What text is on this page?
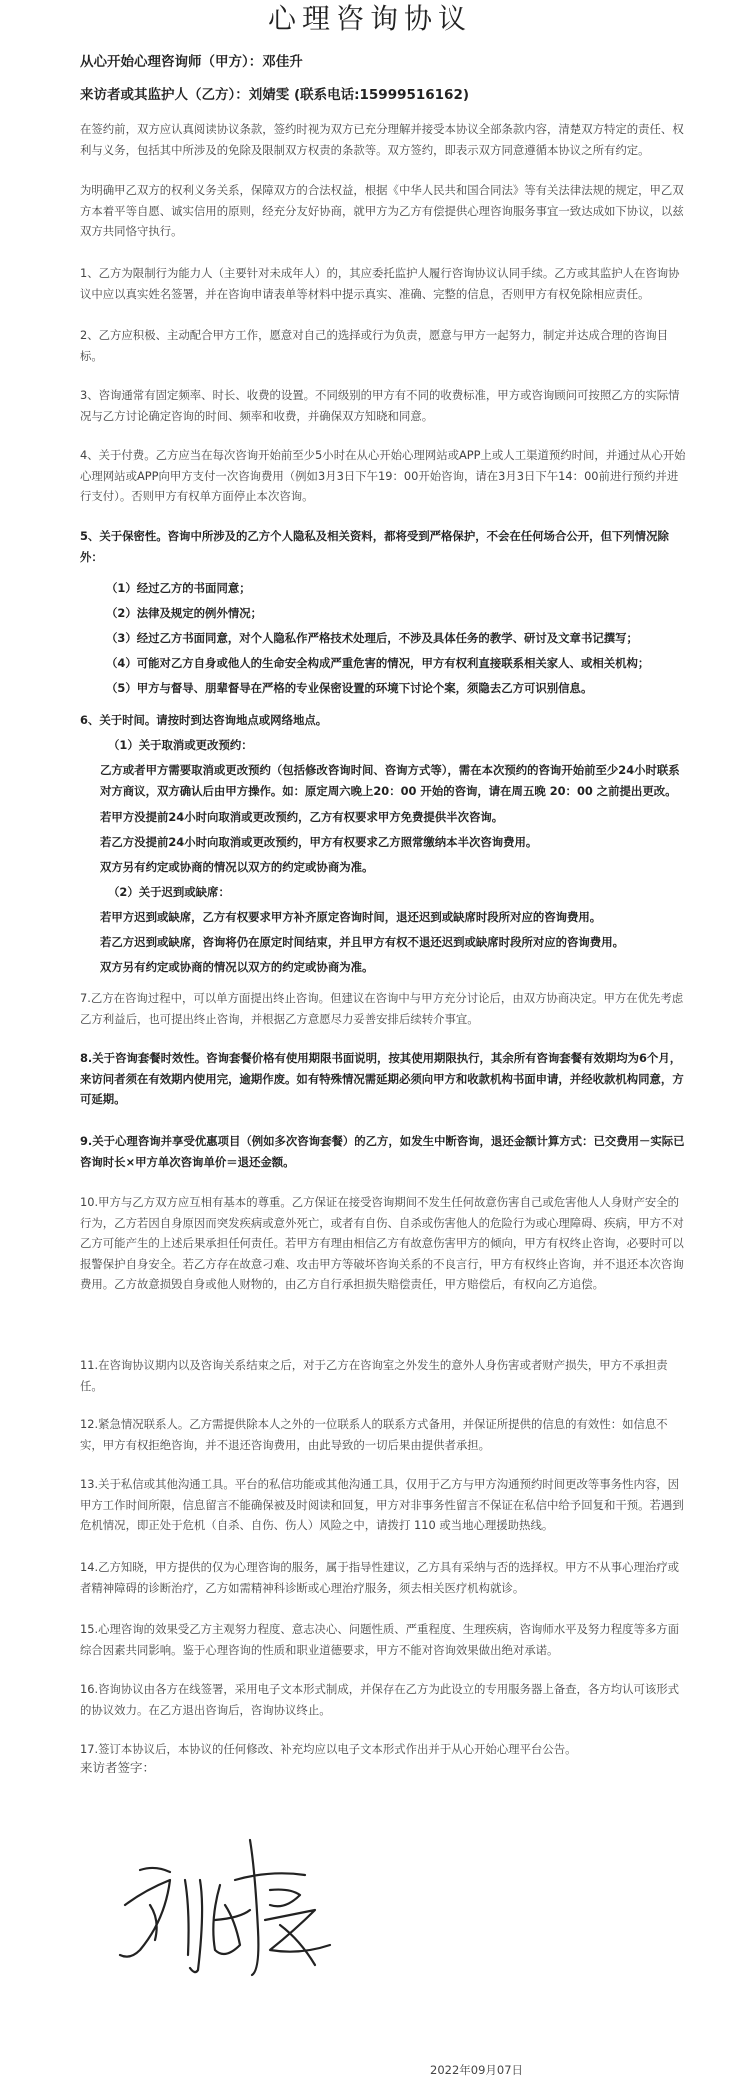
心理咨询协议
从心开始心理咨询师（甲方）：邓佳升
来访者或其监护人（乙方）：刘婧雯 (联系电话:15999516162)

在签约前，双方应认真阅读协议条款，签约时视为双方已充分理解并接受本协议全部条款内容，清楚双方特定的责任、权利与义务，包括其中所涉及的免除及限制双方权责的条款等。双方签约，即表示双方同意遵循本协议之所有约定。

为明确甲乙双方的权利义务关系，保障双方的合法权益，根据《中华人民共和国合同法》等有关法律法规的规定，甲乙双方本着平等自愿、诚实信用的原则，经充分友好协商，就甲方为乙方有偿提供心理咨询服务事宜一致达成如下协议，以兹双方共同恪守执行。

1、乙方为限制行为能力人（主要针对未成年人）的，其应委托监护人履行咨询协议认同手续。乙方或其监护人在咨询协议中应以真实姓名签署，并在咨询申请表单等材料中提示真实、准确、完整的信息，否则甲方有权免除相应责任。

2、乙方应积极、主动配合甲方工作，愿意对自己的选择或行为负责，愿意与甲方一起努力，制定并达成合理的咨询目标。

3、咨询通常有固定频率、时长、收费的设置。不同级别的甲方有不同的收费标准，甲方或咨询顾问可按照乙方的实际情况与乙方讨论确定咨询的时间、频率和收费，并确保双方知晓和同意。

4、关于付费。乙方应当在每次咨询开始前至少5小时在从心开始心理网站或APP上或人工渠道预约时间，并通过从心开始心理网站或APP向甲方支付一次咨询费用（例如3月3日下午19：00开始咨询，请在3月3日下午14：00前进行预约并进行支付）。否则甲方有权单方面停止本次咨询。

5、关于保密性。咨询中所涉及的乙方个人隐私及相关资料，都将受到严格保护，不会在任何场合公开，但下列情况除外：

（1）经过乙方的书面同意；
（2）法律及规定的例外情况；
（3）经过乙方书面同意，对个人隐私作严格技术处理后，不涉及具体任务的教学、研讨及文章书记撰写；
（4）可能对乙方自身或他人的生命安全构成严重危害的情况，甲方有权利直接联系相关家人、或相关机构；
（5）甲方与督导、朋辈督导在严格的专业保密设置的环境下讨论个案，须隐去乙方可识别信息。

6、关于时间。请按时到达咨询地点或网络地点。

（1）关于取消或更改预约：

乙方或者甲方需要取消或更改预约（包括修改咨询时间、咨询方式等），需在本次预约的咨询开始前至少24小时联系对方商议，双方确认后由甲方操作。如：原定周六晚上20：00 开始的咨询，请在周五晚 20：00 之前提出更改。

若甲方没提前24小时向取消或更改预约，乙方有权要求甲方免费提供半次咨询。
若乙方没提前24小时向取消或更改预约，甲方有权要求乙方照常缴纳本半次咨询费用。
双方另有约定或协商的情况以双方的约定或协商为准。
（2）关于迟到或缺席：
若甲方迟到或缺席，乙方有权要求甲方补齐原定咨询时间，退还迟到或缺席时段所对应的咨询费用。
若乙方迟到或缺席，咨询将仍在原定时间结束，并且甲方有权不退还迟到或缺席时段所对应的咨询费用。
双方另有约定或协商的情况以双方的约定或协商为准。

7.乙方在咨询过程中，可以单方面提出终止咨询。但建议在咨询中与甲方充分讨论后，由双方协商决定。甲方在优先考虑乙方利益后，也可提出终止咨询，并根据乙方意愿尽力妥善安排后续转介事宜。

8.关于咨询套餐时效性。咨询套餐价格有使用期限书面说明，按其使用期限执行，其余所有咨询套餐有效期均为6个月，来访问者须在有效期内使用完，逾期作废。如有特殊情况需延期必须向甲方和收款机构书面申请，并经收款机构同意，方可延期。

9.关于心理咨询并享受优惠项目（例如多次咨询套餐）的乙方，如发生中断咨询，退还金额计算方式：已交费用－实际已咨询时长×甲方单次咨询单价＝退还金额。

10.甲方与乙方双方应互相有基本的尊重。乙方保证在接受咨询期间不发生任何故意伤害自己或危害他人人身财产安全的行为，乙方若因自身原因而突发疾病或意外死亡，或者有自伤、自杀或伤害他人的危险行为或心理障碍、疾病，甲方不对乙方可能产生的上述后果承担任何责任。若甲方有理由相信乙方有故意伤害甲方的倾向，甲方有权终止咨询，必要时可以报警保护自身安全。若乙方存在故意刁难、攻击甲方等破坏咨询关系的不良言行，甲方有权终止咨询，并不退还本次咨询费用。乙方故意损毁自身或他人财物的，由乙方自行承担损失赔偿责任，甲方赔偿后，有权向乙方追偿。

11.在咨询协议期内以及咨询关系结束之后，对于乙方在咨询室之外发生的意外人身伤害或者财产损失，甲方不承担责任。

12.紧急情况联系人。乙方需提供除本人之外的一位联系人的联系方式备用，并保证所提供的信息的有效性：如信息不实，甲方有权拒绝咨询，并不退还咨询费用，由此导致的一切后果由提供者承担。

13.关于私信或其他沟通工具。平台的私信功能或其他沟通工具，仅用于乙方与甲方沟通预约时间更改等事务性内容，因甲方工作时间所限，信息留言不能确保被及时阅读和回复，甲方对非事务性留言不保证在私信中给予回复和干预。若遇到危机情况，即正处于危机（自杀、自伤、伤人）风险之中，请拨打 110 或当地心理援助热线。

14.乙方知晓，甲方提供的仅为心理咨询的服务，属于指导性建议，乙方具有采纳与否的选择权。甲方不从事心理治疗或者精神障碍的诊断治疗，乙方如需精神科诊断或心理治疗服务，须去相关医疗机构就诊。

15.心理咨询的效果受乙方主观努力程度、意志决心、问题性质、严重程度、生理疾病，咨询师水平及努力程度等多方面综合因素共同影响。鉴于心理咨询的性质和职业道德要求，甲方不能对咨询效果做出绝对承诺。

16.咨询协议由各方在线签署，采用电子文本形式制成，并保存在乙方为此设立的专用服务器上备查，各方均认可该形式的协议效力。在乙方退出咨询后，咨询协议终止。

17.签订本协议后，本协议的任何修改、补充均应以电子文本形式作出并于从心开始心理平台公告。

来访者签字：
2022年09月07日
